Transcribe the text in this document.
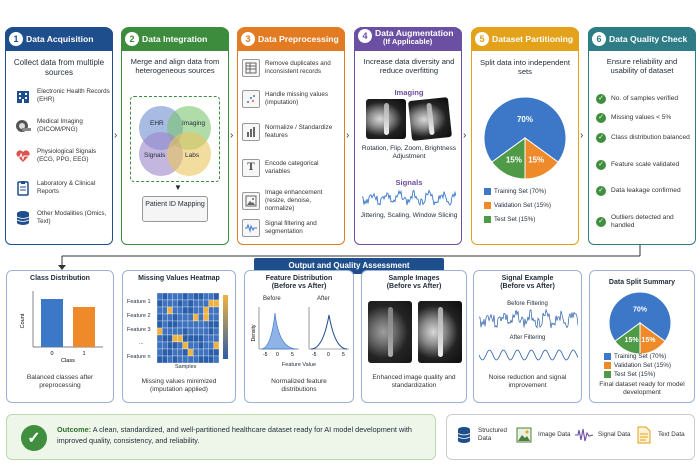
1 Data Acquisition
Collect data from multiple sources
Electronic Health Records (EHR)
Medical Imaging (DICOM/PNG)
Physiological Signals (ECG, PPG, EEG)
Laboratory & Clinical Reports
Other Modalities (Omics, Text)
›
2 Data Integration
Merge and align data from heterogeneous sources
EHR	Imaging
Signals	Labs
▼
Patient ID Mapping
›
3 Data Preprocessing
Remove duplicates and inconsistent records
Handle missing values (imputation)
Normalize / Standardize features
T	Encode categorical variables
Image enhancement (resize, denoise, normalize)
Signal filtering and segmentation
›
4 Data Augmentation
(If Applicable)
Increase data diversity and reduce overfitting
Imaging
Rotation, Flip, Zoom, Brightness Adjustment
Signals
Jittering, Scaling, Window Slicing
›
5 Dataset Partitioning
Split data into independent sets
70%
15%
15%
Training Set (70%)
Validation Set (15%)
Test Set (15%)
›
6 Data Quality Check
Ensure reliability and usability of dataset
✓	No. of samples verified
✓	Missing values < 5%
✓	Class distribution balanced
✓	Feature scale validated
✓	Data leakage confirmed
✓
Outliers detected and handled
Output and Quality Assessment
Class Distribution
0	1
Class
Count
Balanced classes after preprocessing
Missing Values Heatmap
Feature 1
Feature 2
Feature 3
...
Feature n
Samples
Missing values minimized (imputation applied)
Feature Distribution
(Before vs After)
Before	After
-5 0 5	-5 0 5
Density
Feature Value
Normalized feature distributions
Sample Images
(Before vs After)
Enhanced image quality and standardization
Signal Example
(Before vs After)
Before Filtering
After Filtering
Noise reduction and signal improvement
Data Split Summary
70%
15%
15%
Training Set (70%)
Validation Set (15%)
Test Set (15%)
Final dataset ready for model development
✓
Outcome: A clean, standardized, and well-partitioned healthcare dataset ready for AI model development with improved quality, consistency, and reliability.
Structured Data
Image Data	Signal Data	Text Data
